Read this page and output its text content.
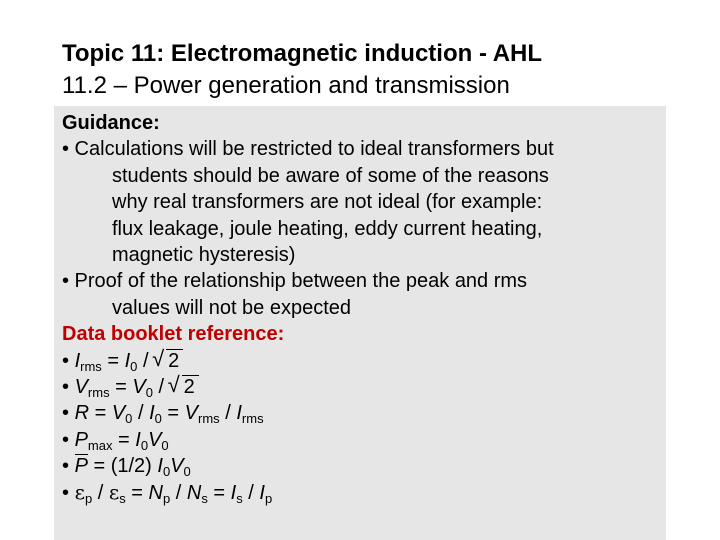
Topic 11: Electromagnetic induction - AHL
11.2 – Power generation and transmission
Guidance:
• Calculations will be restricted to ideal transformers but
students should be aware of some of the reasons
why real transformers are not ideal (for example:
flux leakage, joule heating, eddy current heating,
magnetic hysteresis)
• Proof of the relationship between the peak and rms
values will not be expected
Data booklet reference:
• $I_{rms} = I_0$ / √ 2
• $V_{rms} = V_0$ / √ 2
• $R = V_0 / I_0 = V_{rms} / I_{rms}$
• $P_{max} = I_0V_0$
• P = (1/2) $I_0V_0$
• $\varepsilon_p / \varepsilon_s = N_p / N_s = I_s / I_p$
